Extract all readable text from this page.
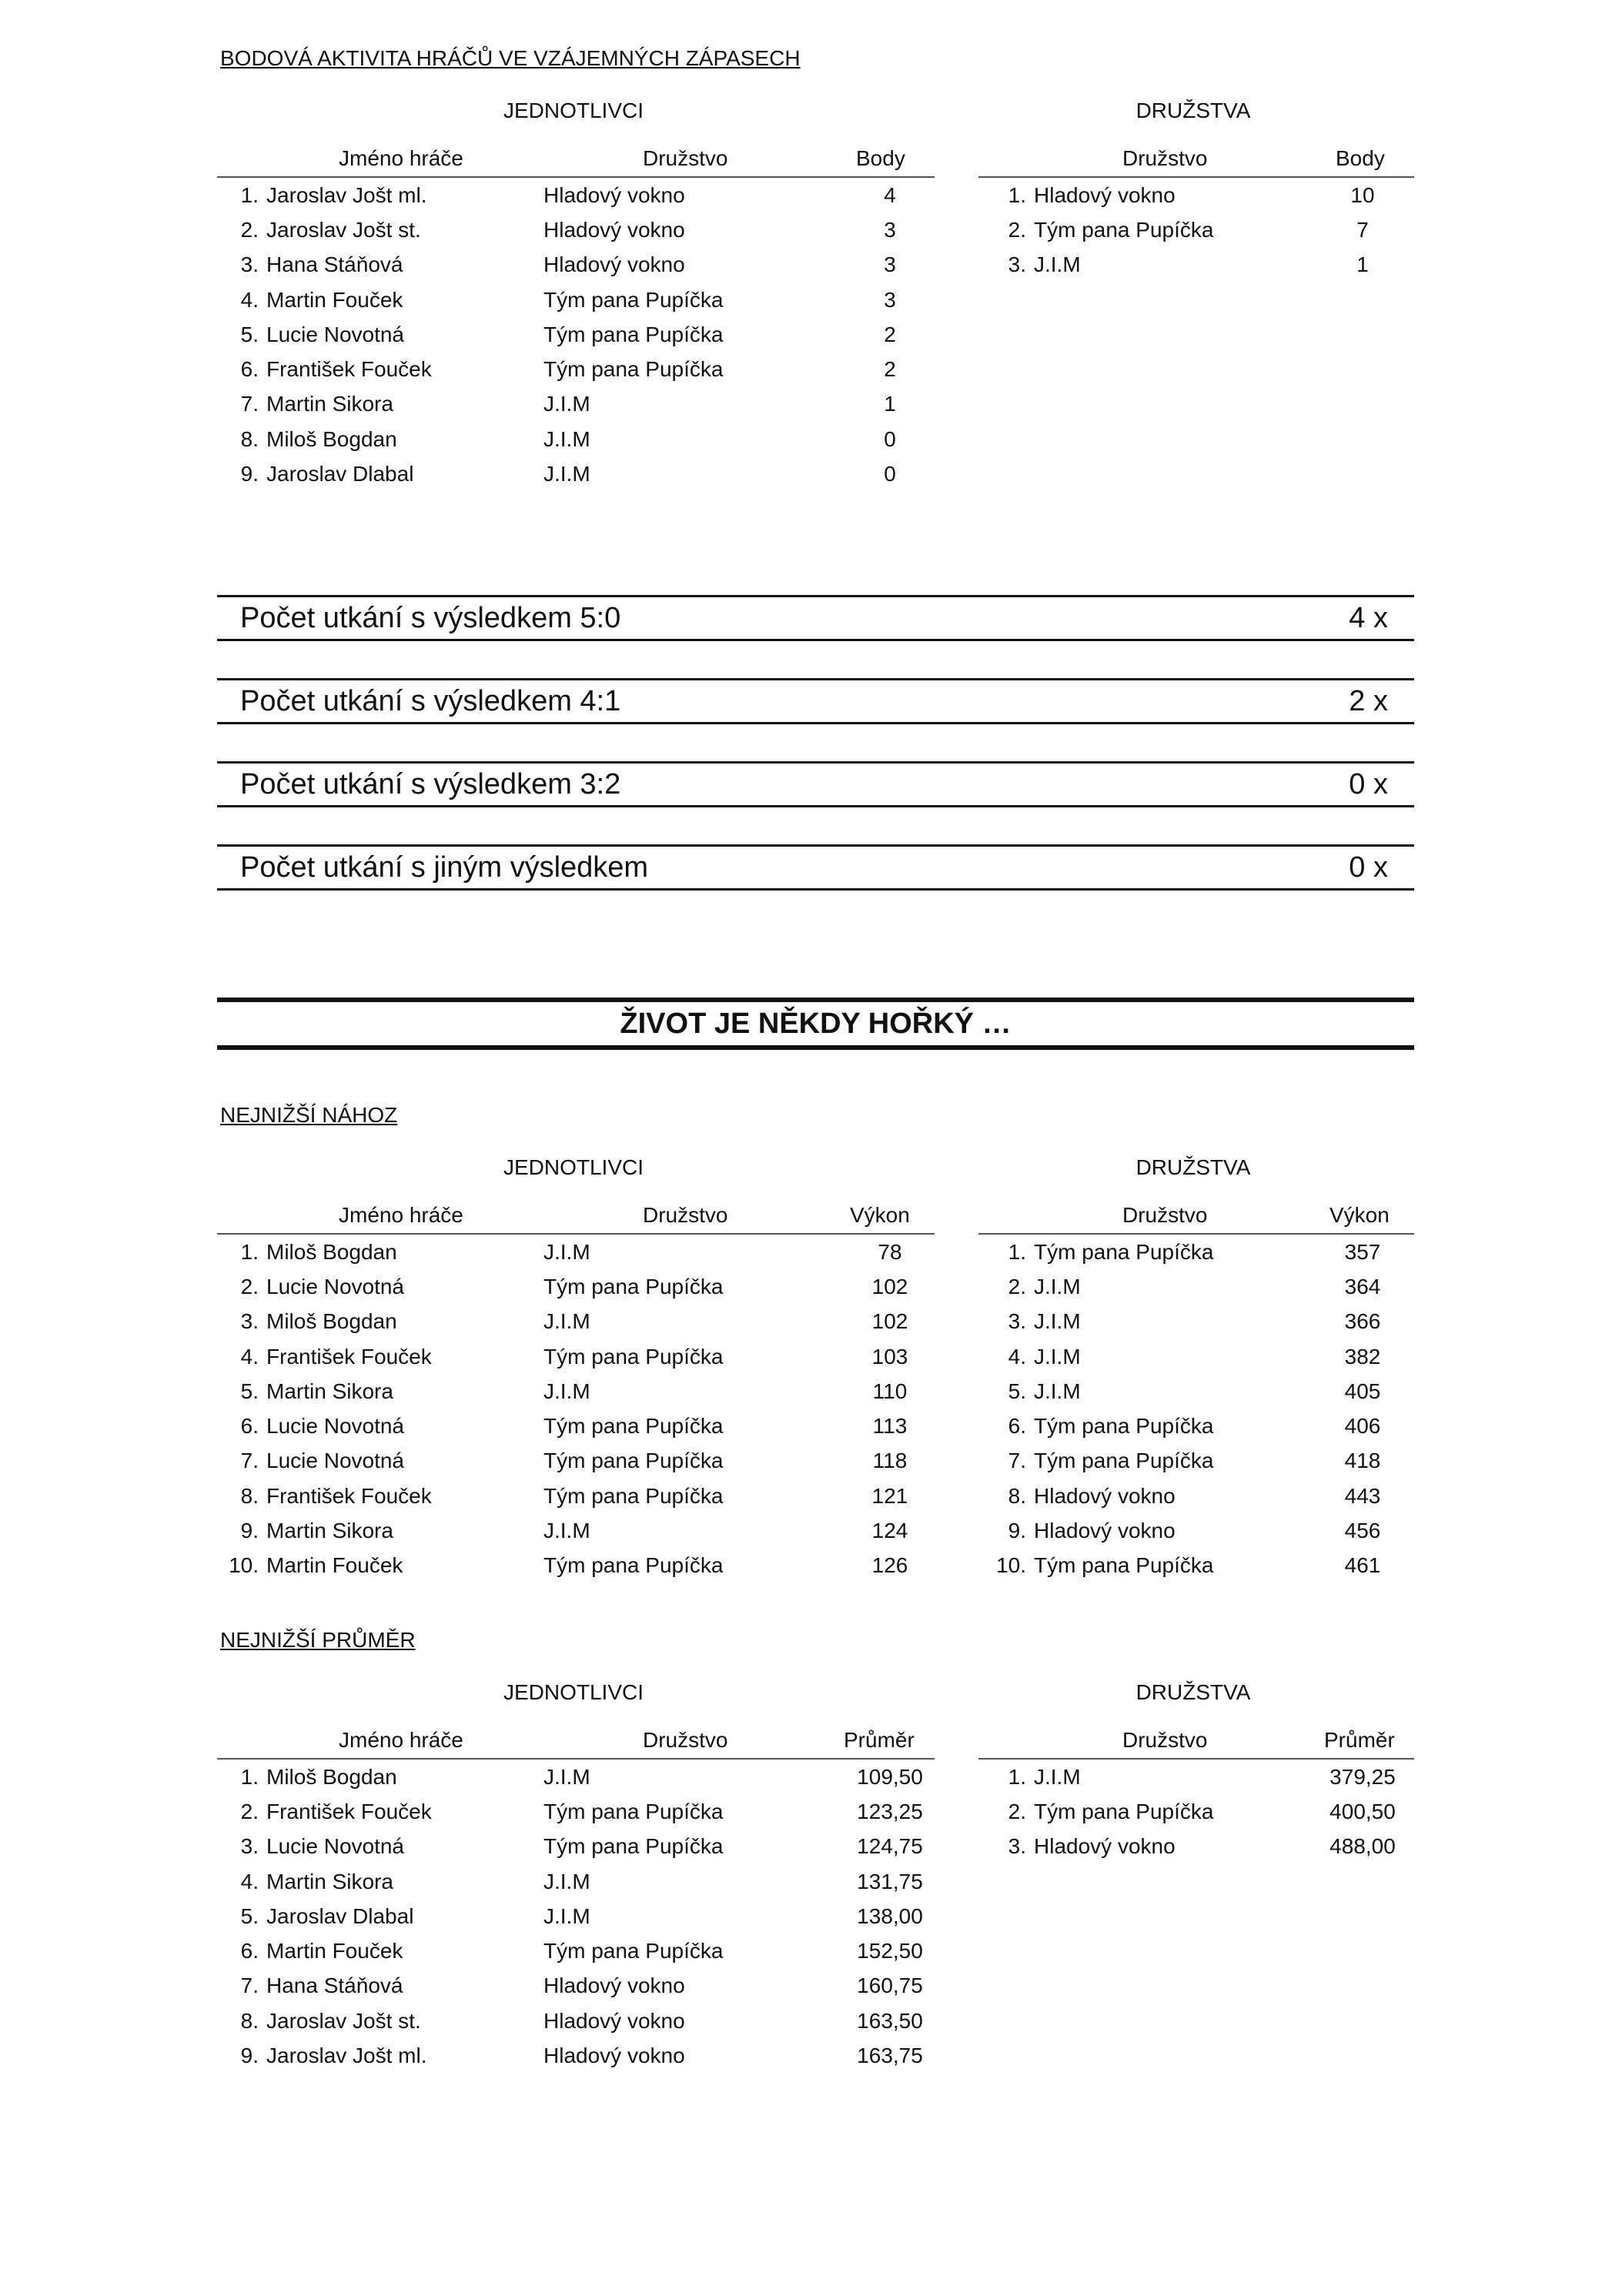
BODOVÁ AKTIVITA HRÁČŮ VE VZÁJEMNÝCH ZÁPASECH
JEDNOTLIVCI	DRUŽSTVA
Jméno hráče	Družstvo	Body	Družstvo	Body
1.	Jaroslav Jošt ml.	Hladový vokno	4
2.	Jaroslav Jošt st.	Hladový vokno	3
3.	Hana Stáňová	Hladový vokno	3
4.	Martin Fouček	Tým pana Pupíčka	3
5.	Lucie Novotná	Tým pana Pupíčka	2
6.	František Fouček	Tým pana Pupíčka	2
7.	Martin Sikora	J.I.M	1
8.	Miloš Bogdan	J.I.M	0
9.	Jaroslav Dlabal	J.I.M	0
1.	Hladový vokno	10
2.	Tým pana Pupíčka	7
3.	J.I.M	1
Počet utkání s výsledkem 5:0	4 x
Počet utkání s výsledkem 4:1	2 x
Počet utkání s výsledkem 3:2	0 x
Počet utkání s jiným výsledkem	0 x
ŽIVOT JE NĚKDY HOŘKÝ …
NEJNIŽŠÍ NÁHOZ
JEDNOTLIVCI	DRUŽSTVA
Jméno hráče	Družstvo	Výkon	Družstvo	Výkon
1.	Miloš Bogdan	J.I.M	78
2.	Lucie Novotná	Tým pana Pupíčka	102
3.	Miloš Bogdan	J.I.M	102
4.	František Fouček	Tým pana Pupíčka	103
5.	Martin Sikora	J.I.M	110
6.	Lucie Novotná	Tým pana Pupíčka	113
7.	Lucie Novotná	Tým pana Pupíčka	118
8.	František Fouček	Tým pana Pupíčka	121
9.	Martin Sikora	J.I.M	124
10.	Martin Fouček	Tým pana Pupíčka	126
1.	Tým pana Pupíčka	357
2.	J.I.M	364
3.	J.I.M	366
4.	J.I.M	382
5.	J.I.M	405
6.	Tým pana Pupíčka	406
7.	Tým pana Pupíčka	418
8.	Hladový vokno	443
9.	Hladový vokno	456
10.	Tým pana Pupíčka	461
NEJNIŽŠÍ PRŮMĚR
JEDNOTLIVCI	DRUŽSTVA
Jméno hráče	Družstvo	Průměr	Družstvo	Průměr
1.	Miloš Bogdan	J.I.M	109,50
2.	František Fouček	Tým pana Pupíčka	123,25
3.	Lucie Novotná	Tým pana Pupíčka	124,75
4.	Martin Sikora	J.I.M	131,75
5.	Jaroslav Dlabal	J.I.M	138,00
6.	Martin Fouček	Tým pana Pupíčka	152,50
7.	Hana Stáňová	Hladový vokno	160,75
8.	Jaroslav Jošt st.	Hladový vokno	163,50
9.	Jaroslav Jošt ml.	Hladový vokno	163,75
1.	J.I.M	379,25
2.	Tým pana Pupíčka	400,50
3.	Hladový vokno	488,00
